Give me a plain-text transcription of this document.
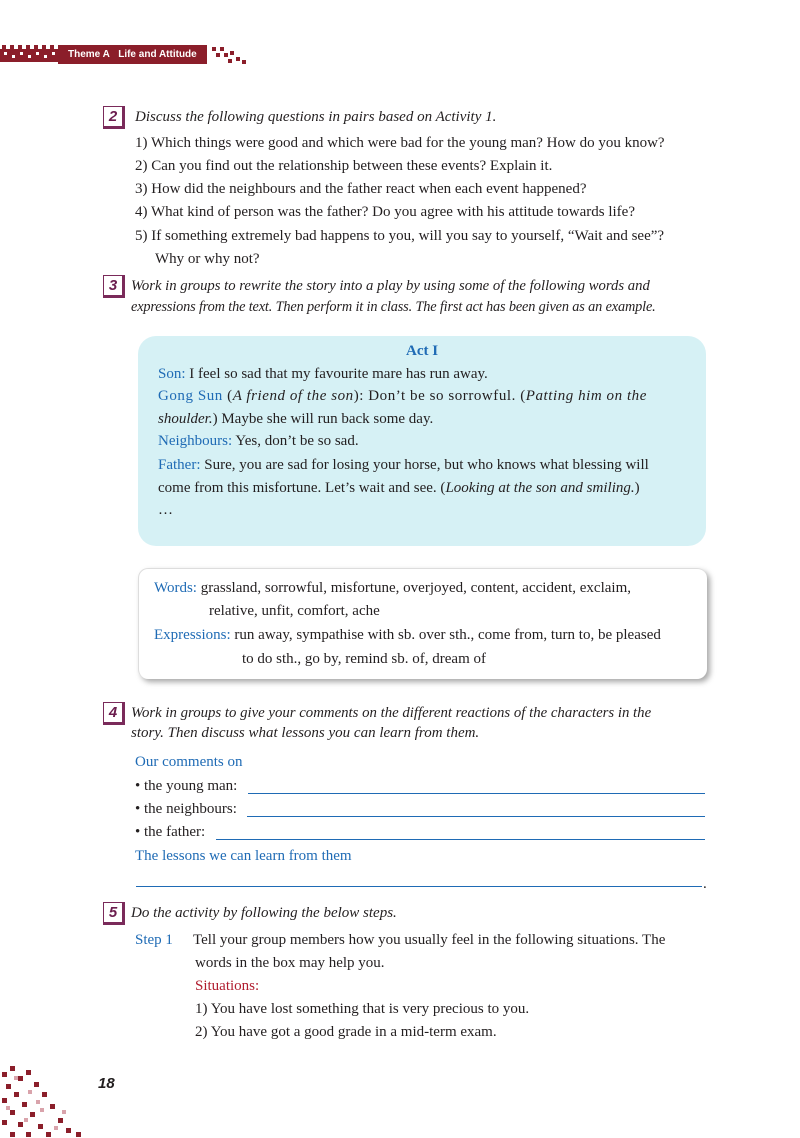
Theme A Life and Attitude
2	Discuss the following questions in pairs based on Activity 1.
1) Which things were good and which were bad for the young man? How do you know?
2) Can you find out the relationship between these events? Explain it.
3) How did the neighbours and the father react when each event happened?
4) What kind of person was the father? Do you agree with his attitude towards life?
5) If something extremely bad happens to you, will you say to yourself, “Wait and see”?
Why or why not?
3 Work in groups to rewrite the story into a play by using some of the following words and
expressions from the text. Then perform it in class. The first act has been given as an example.
Act I
Son: I feel so sad that my favourite mare has run away.
Gong Sun (A friend of the son): Don’t be so sorrowful. (Patting him on the
shoulder.) Maybe she will run back some day.
Neighbours: Yes, don’t be so sad.
Father: Sure, you are sad for losing your horse, but who knows what blessing will
come from this misfortune. Let’s wait and see. (Looking at the son and smiling.)
…
Words: grassland, sorrowful, misfortune, overjoyed, content, accident, exclaim,
relative, unfit, comfort, ache
Expressions: run away, sympathise with sb. over sth., come from, turn to, be pleased
to do sth., go by, remind sb. of, dream of
4 Work in groups to give your comments on the different reactions of the characters in the
story. Then discuss what lessons you can learn from them.
Our comments on
• the young man:
• the neighbours:
• the father:
The lessons we can learn from them
.
5 Do the activity by following the below steps.
Step 1 Tell your group members how you usually feel in the following situations. The
words in the box may help you.
Situations:
1) You have lost something that is very precious to you.
2) You have got a good grade in a mid-term exam.
18
